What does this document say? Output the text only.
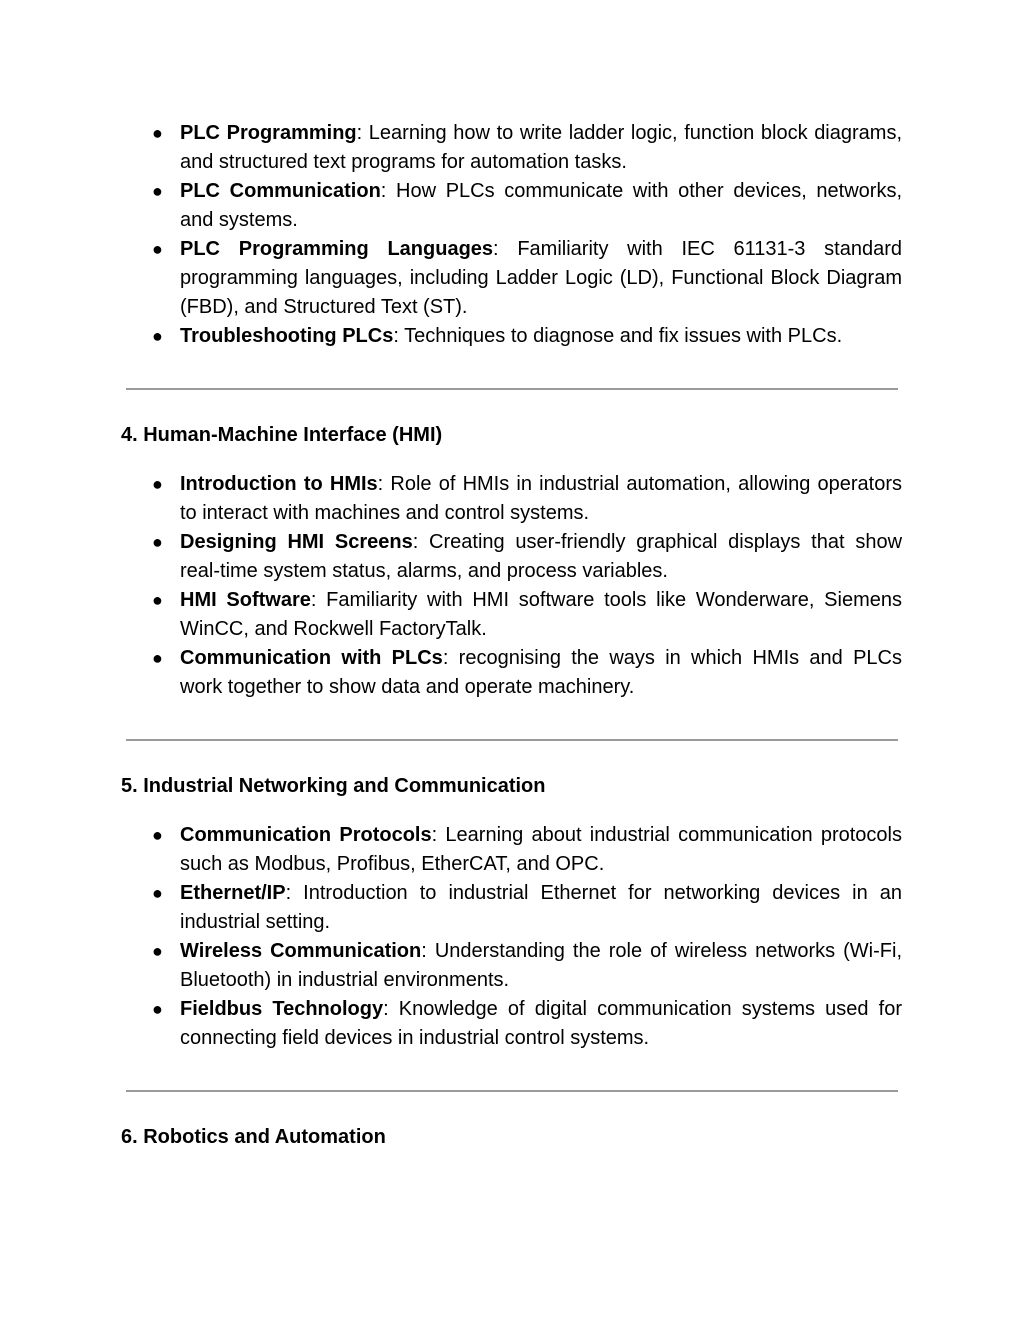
● PLC Programming: Learning how to write ladder logic, function block diagrams, and structured text programs for automation tasks.
● PLC Communication: How PLCs communicate with other devices, networks, and systems.
● PLC Programming Languages: Familiarity with IEC 61131-3 standard programming languages, including Ladder Logic (LD), Functional Block Diagram (FBD), and Structured Text (ST).
● Troubleshooting PLCs: Techniques to diagnose and fix issues with PLCs.
4. Human-Machine Interface (HMI)
● Introduction to HMIs: Role of HMIs in industrial automation, allowing operators to interact with machines and control systems.
● Designing HMI Screens: Creating user-friendly graphical displays that show real-time system status, alarms, and process variables.
● HMI Software: Familiarity with HMI software tools like Wonderware, Siemens WinCC, and Rockwell FactoryTalk.
● Communication with PLCs: recognising the ways in which HMIs and PLCs work together to show data and operate machinery.
5. Industrial Networking and Communication
● Communication Protocols: Learning about industrial communication protocols such as Modbus, Profibus, EtherCAT, and OPC.
● Ethernet/IP: Introduction to industrial Ethernet for networking devices in an industrial setting.
● Wireless Communication: Understanding the role of wireless networks (Wi-Fi, Bluetooth) in industrial environments.
● Fieldbus Technology: Knowledge of digital communication systems used for connecting field devices in industrial control systems.
6. Robotics and Automation
